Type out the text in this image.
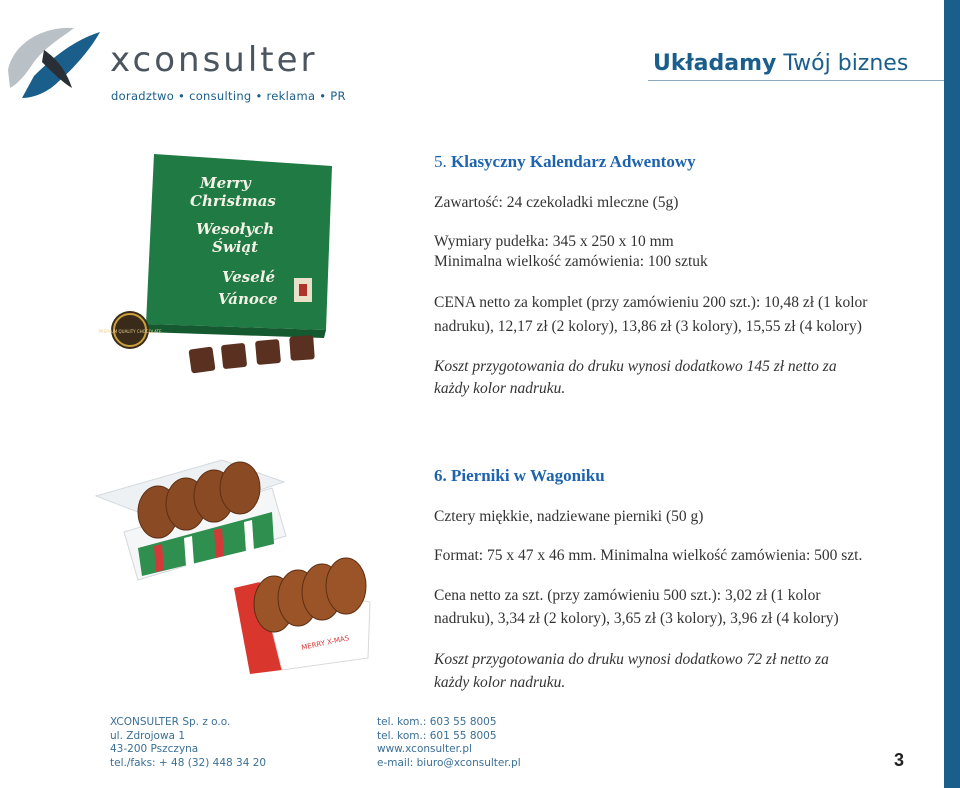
xconsulter
doradztwo • consulting • reklama • PR
Układamy Twój biznes
Merry
Christmas
Wesołych
Świąt
Veselé
Vánoce
PREMIUM QUALITY CHOCOLATE
5. Klasyczny Kalendarz Adwentowy
Zawartość: 24 czekoladki mleczne (5g)
Wymiary pudełka: 345 x 250 x 10 mm
Minimalna wielkość zamówienia: 100 sztuk
CENA netto za komplet (przy zamówieniu 200 szt.): 10,48 zł (1 kolor
nadruku), 12,17 zł (2 kolory), 13,86 zł (3 kolory), 15,55 zł (4 kolory)
Koszt przygotowania do druku wynosi dodatkowo 145 zł netto za
każdy kolor nadruku.
MERRY X-MAS
6. Pierniki w Wagoniku
Cztery miękkie, nadziewane pierniki (50 g)
Format: 75 x 47 x 46 mm. Minimalna wielkość zamówienia: 500 szt.
Cena netto za szt. (przy zamówieniu 500 szt.): 3,02 zł (1 kolor
nadruku), 3,34 zł (2 kolory), 3,65 zł (3 kolory), 3,96 zł (4 kolory)
Koszt przygotowania do druku wynosi dodatkowo 72 zł netto za
każdy kolor nadruku.
XCONSULTER Sp. z o.o.
ul. Zdrojowa 1
43-200 Pszczyna
tel./faks: + 48 (32) 448 34 20
tel. kom.: 603 55 8005
tel. kom.: 601 55 8005
www.xconsulter.pl
e-mail: biuro@xconsulter.pl	3
